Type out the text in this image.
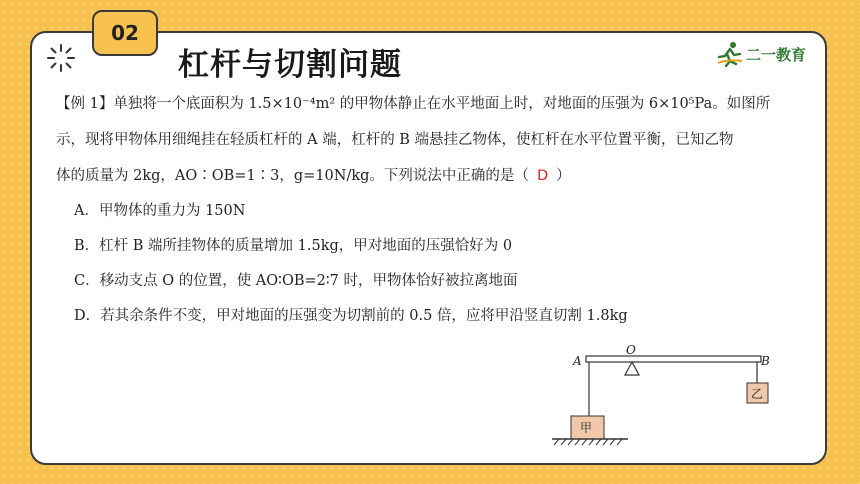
02
杠杆与切割问题	二一教育

【例 1】单独将一个底面积为 1.5×10⁻⁴m² 的甲物体静止在水平地面上时，对地面的压强为 6×10⁵Pa。如图所
示，现将甲物体用细绳挂在轻质杠杆的 A 端，杠杆的 B 端悬挂乙物体，使杠杆在水平位置平衡，已知乙物
体的质量为 2kg，AO∶OB=1∶3，g=10N/kg。下列说法中正确的是（ D ）

A．甲物体的重力为 150N

B．杠杆 B 端所挂物体的质量增加 1.5kg，甲对地面的压强恰好为 0

C．移动支点 O 的位置，使 AO∶OB=2∶7 时，甲物体恰好被拉离地面

D．若其余条件不变，甲对地面的压强变为切割前的 0.5 倍，应将甲沿竖直切割 1.8kg

A
O
B
乙
甲
